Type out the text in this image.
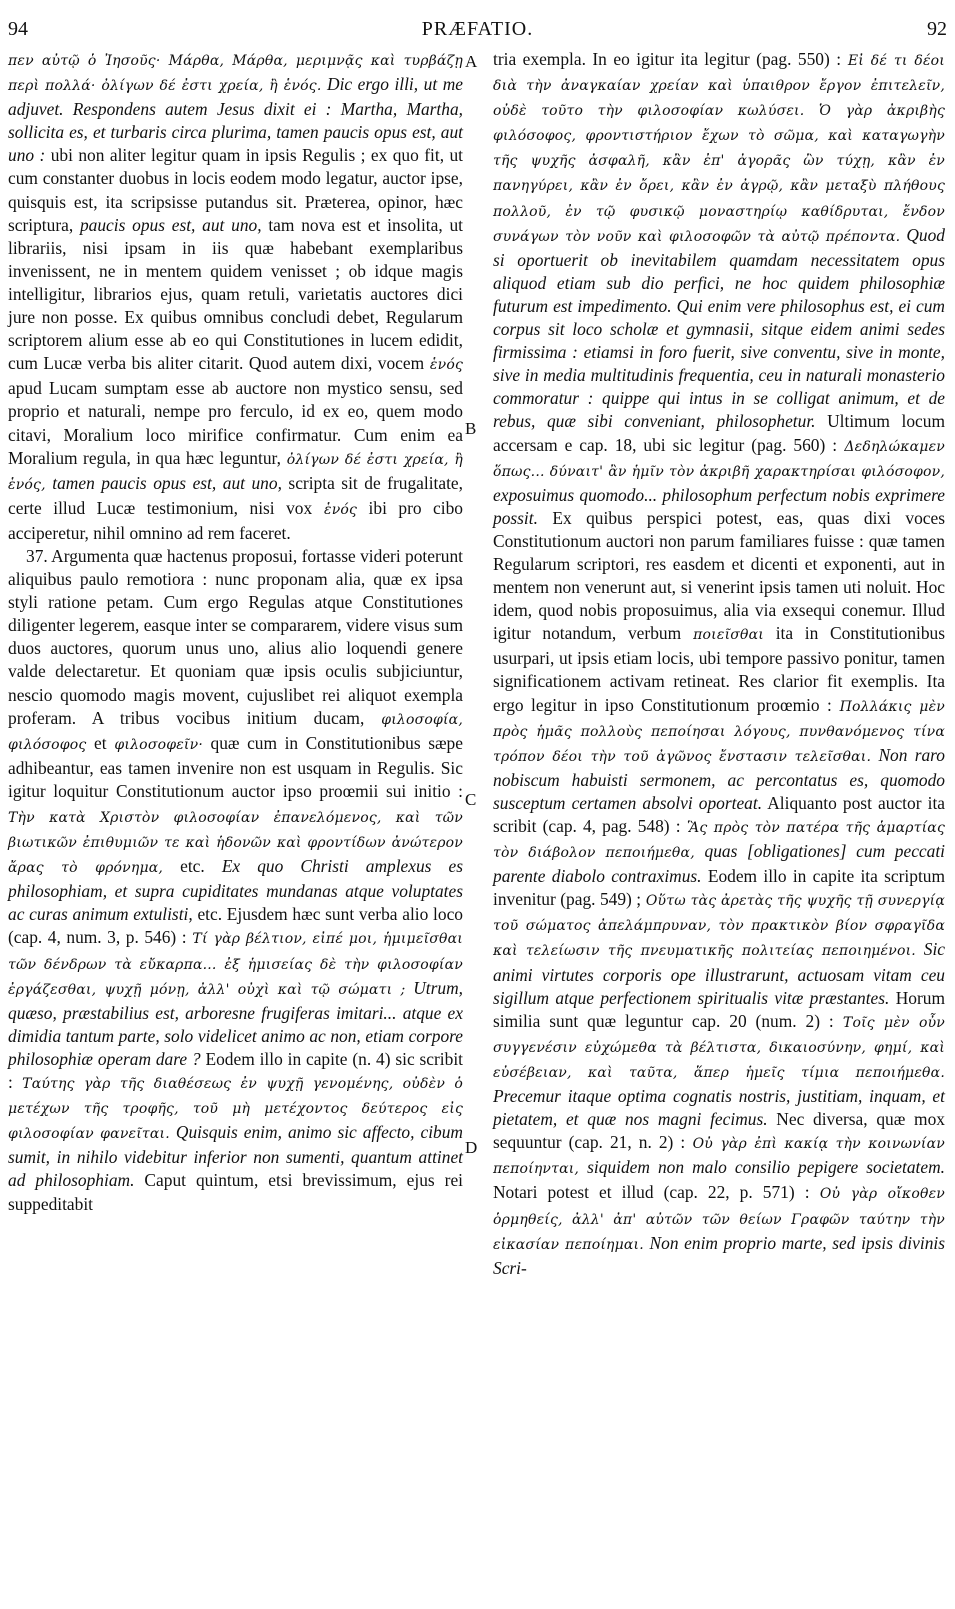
94	PRÆFATIO.	92
A
B
C
D

πεν αὐτῷ ὁ Ἰησοῦς· Μάρθα, Μάρθα, μεριμνᾷς καὶ τυρβάζῃ περὶ πολλά· ὀλίγων δέ ἐστι χρεία, ἢ ἑνός. Dic ergo illi, ut me adjuvet. Respondens autem Jesus dixit ei : Martha, Martha, sollicita es, et turbaris circa plurima, tamen paucis opus est, aut uno : ubi non aliter legitur quam in ipsis Regulis ; ex quo fit, ut cum constanter duobus in locis eodem modo legatur, auctor ipse, quisquis est, ita scripsisse putandus sit. Præterea, opinor, hæc scriptura, paucis opus est, aut uno, tam nova est et insolita, ut librariis, nisi ipsam in iis quæ habebant exemplaribus invenissent, ne in mentem quidem venisset ; ob idque magis intelligitur, librarios ejus, quam retuli, varietatis auctores dici jure non posse. Ex quibus omnibus concludi debet, Regularum scriptorem alium esse ab eo qui Constitutiones in lucem edidit, cum Lucæ verba bis aliter citarit. Quod autem dixi, vocem ἑνός apud Lucam sumptam esse ab auctore non mystico sensu, sed proprio et naturali, nempe pro ferculo, id ex eo, quem modo citavi, Moralium loco mirifice confirmatur. Cum enim ea Moralium regula, in qua hæc leguntur, ὀλίγων δέ ἐστι χρεία, ἢ ἑνός, tamen paucis opus est, aut uno, scripta sit de frugalitate, certe illud Lucæ testimonium, nisi vox ἑνός ibi pro cibo acciperetur, nihil omnino ad rem faceret.

37. Argumenta quæ hactenus proposui, fortasse videri poterunt aliquibus paulo remotiora : nunc proponam alia, quæ ex ipsa styli ratione petam. Cum ergo Regulas atque Constitutiones diligenter legerem, easque inter se compararem, videre visus sum duos auctores, quorum unus uno, alius alio loquendi genere valde delectaretur. Et quoniam quæ ipsis oculis subjiciuntur, nescio quomodo magis movent, cujuslibet rei aliquot exempla proferam. A tribus vocibus initium ducam, φιλοσοφία, φιλόσοφος et φιλοσοφεῖν· quæ cum in Constitutionibus sæpe adhibeantur, eas tamen invenire non est usquam in Regulis. Sic igitur loquitur Constitutionum auctor ipso proœmii sui initio : Τὴν κατὰ Χριστὸν φιλοσοφίαν ἐπανελόμενος, καὶ τῶν βιωτικῶν ἐπιθυμιῶν τε καὶ ἡδονῶν καὶ φροντίδων ἀνώτερον ἄρας τὸ φρόνημα, etc. Ex quo Christi amplexus es philosophiam, et supra cupiditates mundanas atque voluptates ac curas animum extulisti, etc. Ejusdem hæc sunt verba alio loco (cap. 4, num. 3, p. 546) : Τί γὰρ βέλτιον, εἰπέ μοι, ἡμιμεῖσθαι τῶν δένδρων τὰ εὔκαρπα... ἐξ ἡμισείας δὲ τὴν φιλοσοφίαν ἐργάζεσθαι, ψυχῇ μόνῃ, ἀλλ' οὐχὶ καὶ τῷ σώματι ; Utrum, quæso, præstabilius est, arboresne frugiferas imitari... atque ex dimidia tantum parte, solo videlicet animo ac non, etiam corpore philosophiæ operam dare ? Eodem illo in capite (n. 4) sic scribit : Ταύτης γὰρ τῆς διαθέσεως ἐν ψυχῇ γενομένης, οὐδὲν ὁ μετέχων τῆς τροφῆς, τοῦ μὴ μετέχοντος δεύτερος εἰς φιλοσοφίαν φανεῖται. Quisquis enim, animo sic affecto, cibum sumit, in nihilo videbitur inferior non sumenti, quantum attinet ad philosophiam. Caput quintum, etsi brevissimum, ejus rei suppeditabit

tria exempla. In eo igitur ita legitur (pag. 550) : Εἰ δέ τι δέοι διὰ τὴν ἀναγκαίαν χρείαν καὶ ὑπαιθρον ἔργον ἐπιτελεῖν, οὐδὲ τοῦτο τὴν φιλοσοφίαν κωλύσει. Ὁ γὰρ ἀκριβὴς φιλόσοφος, φροντιστήριον ἔχων τὸ σῶμα, καὶ καταγωγὴν τῆς ψυχῆς ἀσφαλῆ, κἂν ἐπ' ἀγορᾶς ὢν τύχῃ, κἂν ἐν πανηγύρει, κἂν ἐν ὄρει, κἂν ἐν ἀγρῷ, κἂν μεταξὺ πλήθους πολλοῦ, ἐν τῷ φυσικῷ μοναστηρίῳ καθίδρυται, ἔνδον συνάγων τὸν νοῦν καὶ φιλοσοφῶν τὰ αὐτῷ πρέποντα. Quod si oportuerit ob inevitabilem quamdam necessitatem opus aliquod etiam sub dio perfici, ne hoc quidem philosophiæ futurum est impedimento. Qui enim vere philosophus est, ei cum corpus sit loco scholæ et gymnasii, sitque eidem animi sedes firmissima : etiamsi in foro fuerit, sive conventu, sive in monte, sive in media multitudinis frequentia, ceu in naturali monasterio commoratur : quippe qui intus in se colligat animum, et de rebus, quæ sibi conveniant, philosophetur. Ultimum locum accersam e cap. 18, ubi sic legitur (pag. 560) : Δεδηλώκαμεν ὅπως... δύναιτ' ἂν ἡμῖν τὸν ἀκριβῆ χαρακτηρίσαι φιλόσοφον, exposuimus quomodo... philosophum perfectum nobis exprimere possit. Ex quibus perspici potest, eas, quas dixi voces Constitutionum auctori non parum familiares fuisse : quæ tamen Regularum scriptori, res easdem et dicenti et exponenti, aut in mentem non venerunt aut, si venerint ipsis tamen uti noluit. Hoc idem, quod nobis proposuimus, alia via exsequi conemur. Illud igitur notandum, verbum ποιεῖσθαι ita in Constitutionibus usurpari, ut ipsis etiam locis, ubi tempore passivo ponitur, tamen significationem activam retineat. Res clarior fit exemplis. Ita ergo legitur in ipso Constitutionum proœmio : Πολλάκις μὲν πρὸς ἡμᾶς πολλοὺς πεποίησαι λόγους, πυνθανόμενος τίνα τρόπον δέοι τὴν τοῦ ἀγῶνος ἔνστασιν τελεῖσθαι. Non raro nobiscum habuisti sermonem, ac percontatus es, quomodo susceptum certamen absolvi oporteat. Aliquanto post auctor ita scribit (cap. 4, pag. 548) : Ἃς πρὸς τὸν πατέρα τῆς ἁμαρτίας τὸν διάβολον πεποιήμεθα, quas [obligationes] cum peccati parente diabolo contraximus. Eodem illo in capite ita scriptum invenitur (pag. 549) ; Οὕτω τὰς ἀρετὰς τῆς ψυχῆς τῇ συνεργίᾳ τοῦ σώματος ἀπελάμπρυναν, τὸν πρακτικὸν βίον σφραγῖδα καὶ τελείωσιν τῆς πνευματικῆς πολιτείας πεποιημένοι. Sic animi virtutes corporis ope illustrarunt, actuosam vitam ceu sigillum atque perfectionem spiritualis vitæ præstantes. Horum similia sunt quæ leguntur cap. 20 (num. 2) : Τοῖς μὲν οὖν συγγενέσιν εὐχώμεθα τὰ βέλτιστα, δικαιοσύνην, φημί, καὶ εὐσέβειαν, καὶ ταῦτα, ἅπερ ἡμεῖς τίμια πεποιήμεθα. Precemur itaque optima cognatis nostris, justitiam, inquam, et pietatem, et quæ nos magni fecimus. Nec diversa, quæ mox sequuntur (cap. 21, n. 2) : Οὐ γὰρ ἐπὶ κακίᾳ τὴν κοινωνίαν πεποίηνται, siquidem non malo consilio pepigere societatem. Notari potest et illud (cap. 22, p. 571) : Οὐ γὰρ οἴκοθεν ὁρμηθείς, ἀλλ' ἀπ' αὐτῶν τῶν θείων Γραφῶν ταύτην τὴν εἰκασίαν πεποίημαι. Non enim proprio marte, sed ipsis divinis Scri-
